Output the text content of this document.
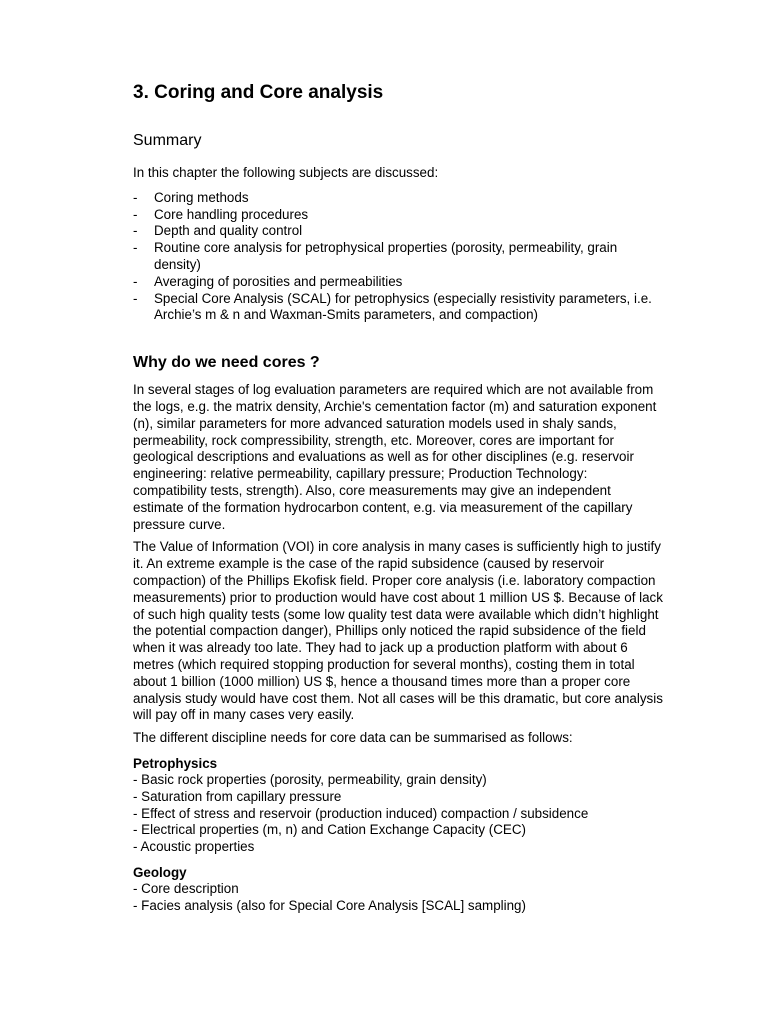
3. Coring and Core analysis
Summary

In this chapter the following subjects are discussed:

- Coring methods
- Core handling procedures
- Depth and quality control
- Routine core analysis for petrophysical properties (porosity, permeability, grain density)
- Averaging of porosities and permeabilities
- Special Core Analysis (SCAL) for petrophysics (especially resistivity parameters, i.e. Archie’s m & n and Waxman-Smits parameters, and compaction)
Why do we need cores ?

In several stages of log evaluation parameters are required which are not available from the logs, e.g. the matrix density, Archie's cementation factor (m) and saturation exponent (n), similar parameters for more advanced saturation models used in shaly sands, permeability, rock compressibility, strength, etc. Moreover, cores are important for geological descriptions and evaluations as well as for other disciplines (e.g. reservoir engineering: relative permeability, capillary pressure; Production Technology: compatibility tests, strength). Also, core measurements may give an independent estimate of the formation hydrocarbon content, e.g. via measurement of the capillary pressure curve.

The Value of Information (VOI) in core analysis in many cases is sufficiently high to justify it. An extreme example is the case of the rapid subsidence (caused by reservoir compaction) of the Phillips Ekofisk field. Proper core analysis (i.e. laboratory compaction measurements) prior to production would have cost about 1 million US $. Because of lack of such high quality tests (some low quality test data were available which didn’t highlight the potential compaction danger), Phillips only noticed the rapid subsidence of the field when it was already too late. They had to jack up a production platform with about 6 metres (which required stopping production for several months), costing them in total about 1 billion (1000 million) US $, hence a thousand times more than a proper core analysis study would have cost them. Not all cases will be this dramatic, but core analysis will pay off in many cases very easily.

The different discipline needs for core data can be summarised as follows:

Petrophysics
- Basic rock properties (porosity, permeability, grain density)
- Saturation from capillary pressure
- Effect of stress and reservoir (production induced) compaction / subsidence
- Electrical properties (m, n) and Cation Exchange Capacity (CEC)
- Acoustic properties
Geology
- Core description
- Facies analysis (also for Special Core Analysis [SCAL] sampling)
